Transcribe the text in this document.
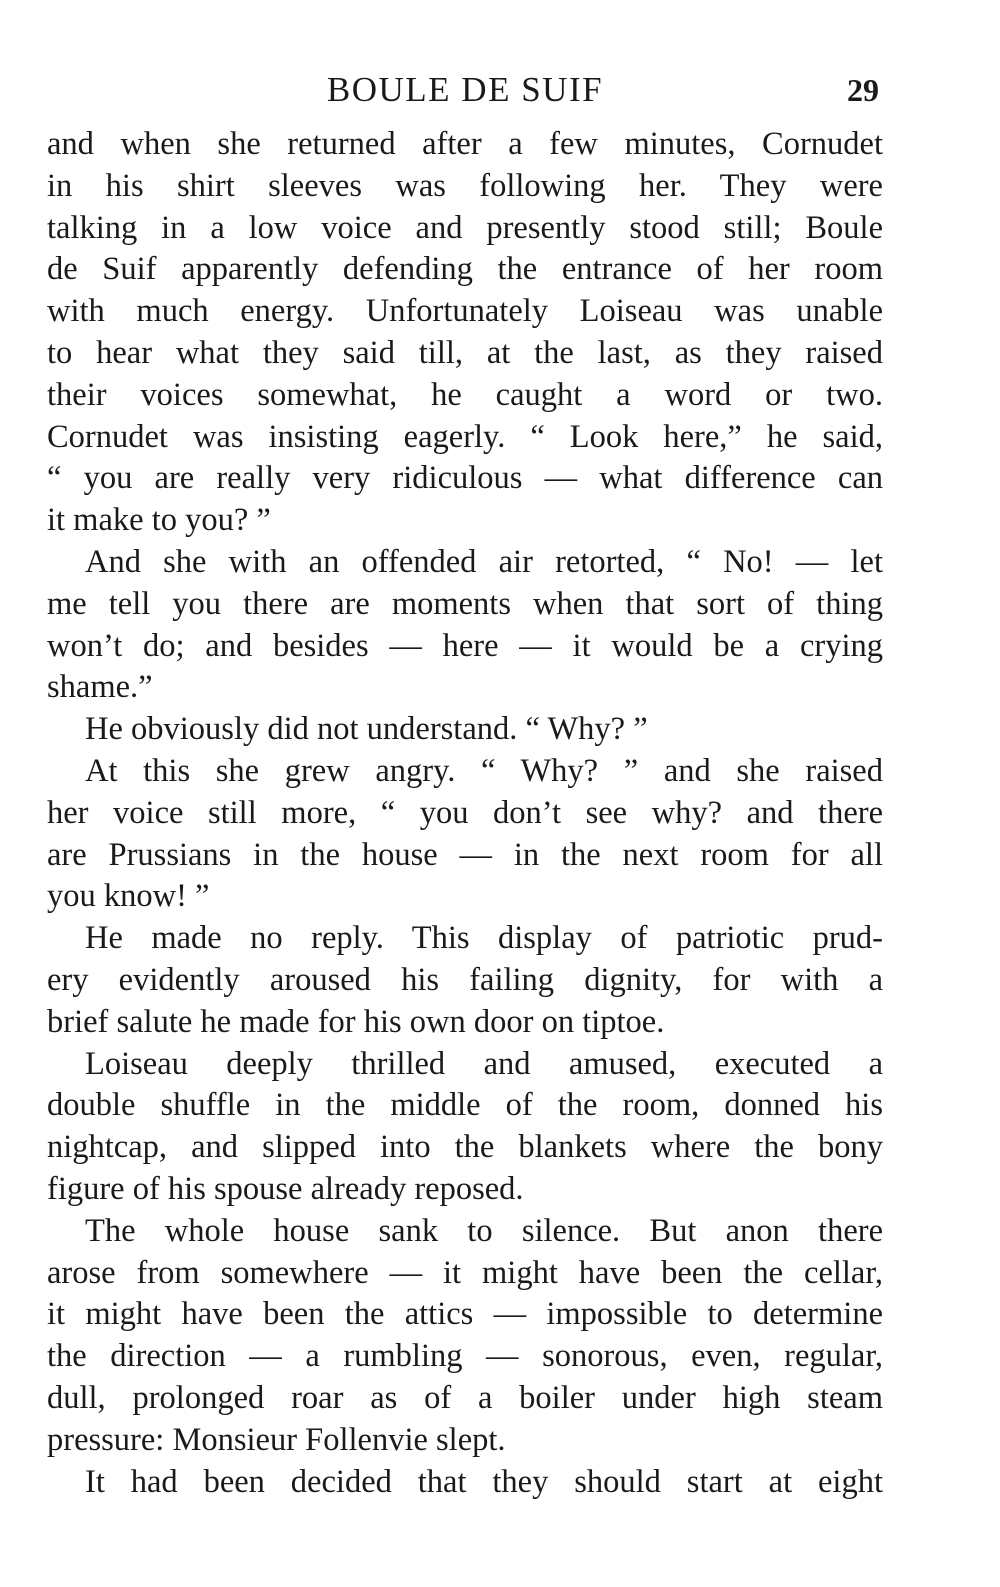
BOULE DE SUIF	29
and when she returned after a few minutes, Cornudet
in his shirt sleeves was following her. They were
talking in a low voice and presently stood still; Boule
de Suif apparently defending the entrance of her room
with much energy. Unfortunately Loiseau was unable
to hear what they said till, at the last, as they raised
their voices somewhat, he caught a word or two.
Cornudet was insisting eagerly. “ Look here,” he said,
“ you are really very ridiculous — what difference can
it make to you? ”
And she with an offended air retorted, “ No! — let
me tell you there are moments when that sort of thing
won’t do; and besides — here — it would be a crying
shame.”
He obviously did not understand. “ Why? ”
At this she grew angry. “ Why? ” and she raised
her voice still more, “ you don’t see why? and there
are Prussians in the house — in the next room for all
you know! ”
He made no reply. This display of patriotic prud-
ery evidently aroused his failing dignity, for with a
brief salute he made for his own door on tiptoe.
Loiseau deeply thrilled and amused, executed a
double shuffle in the middle of the room, donned his
nightcap, and slipped into the blankets where the bony
figure of his spouse already reposed.
The whole house sank to silence. But anon there
arose from somewhere — it might have been the cellar,
it might have been the attics — impossible to determine
the direction — a rumbling — sonorous, even, regular,
dull, prolonged roar as of a boiler under high steam
pressure: Monsieur Follenvie slept.
It had been decided that they should start at eight
